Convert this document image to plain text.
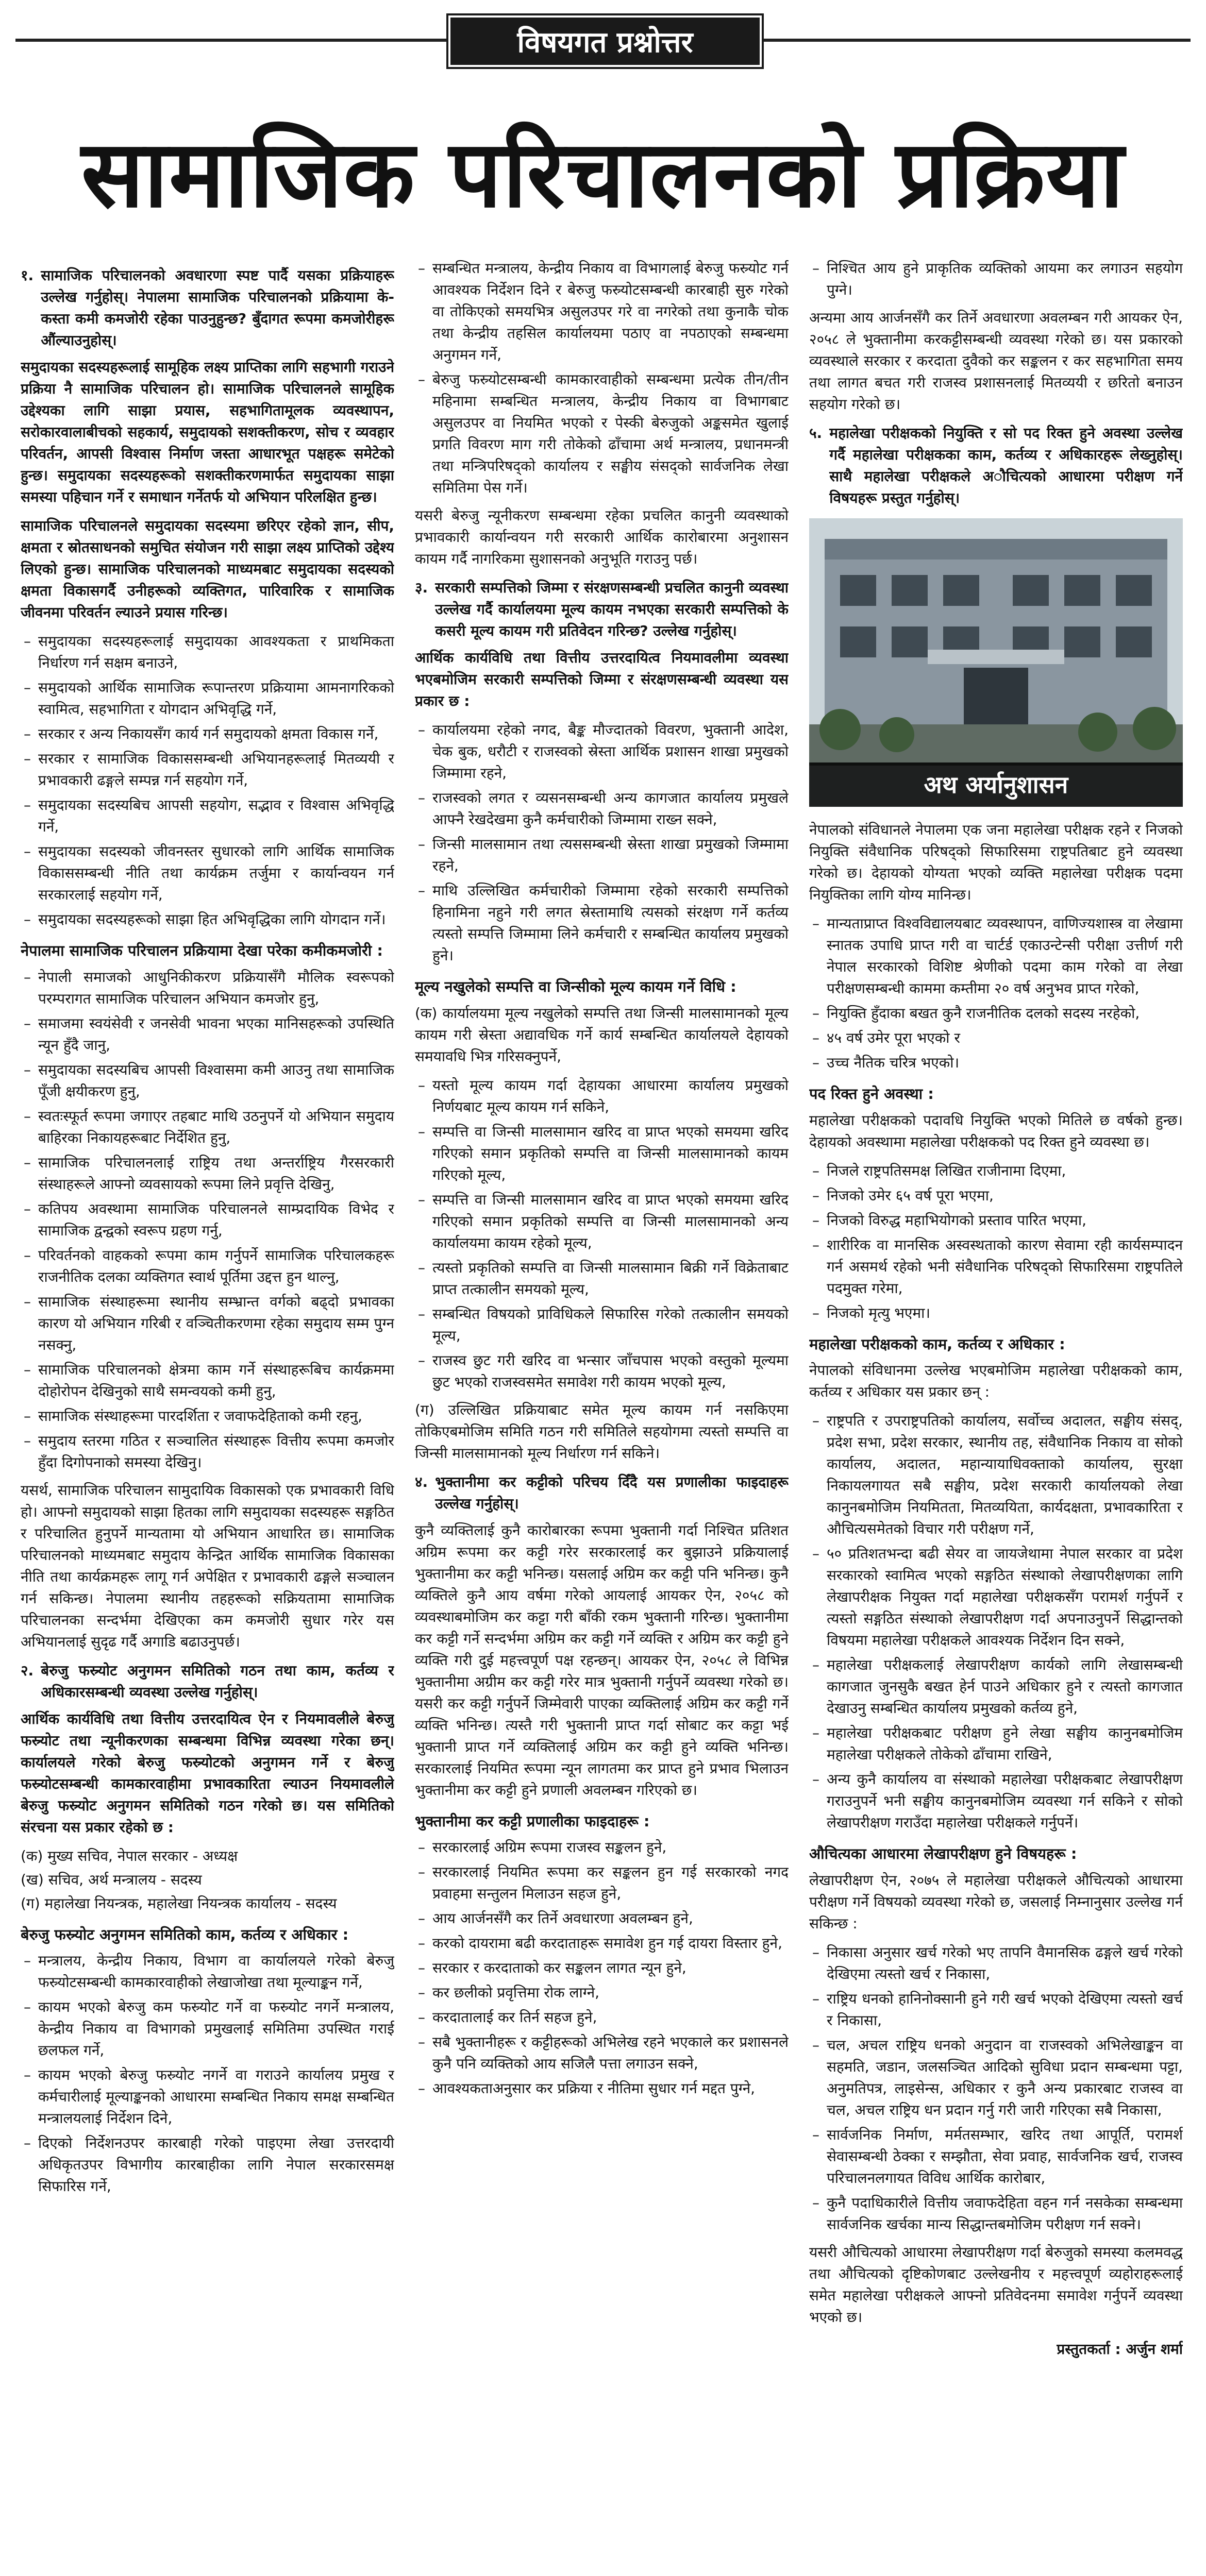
विषयगत प्रश्नोत्तर
सामाजिक परिचालनको प्रक्रिया
१. सामाजिक परिचालनको अवधारणा स्पष्ट पार्दै यसका प्रक्रियाहरू उल्लेख गर्नुहोस्। नेपालमा सामाजिक परिचालनको प्रक्रियामा के-कस्ता कमी कमजोरी रहेका पाउनुहुन्छ? बुँदागत रूपमा कमजोरीहरू औंल्याउनुहोस्।

समुदायका सदस्यहरूलाई सामूहिक लक्ष्य प्राप्तिका लागि सहभागी गराउने प्रक्रिया नै सामाजिक परिचालन हो। सामाजिक परिचालनले सामूहिक उद्देश्यका लागि साझा प्रयास, सहभागितामूलक व्यवस्थापन, सरोकारवालाबीचको सहकार्य, समुदायको सशक्तीकरण, सोच र व्यवहार परिवर्तन, आपसी विश्वास निर्माण जस्ता आधारभूत पक्षहरू समेटेको हुन्छ। समुदायका सदस्यहरूको सशक्तीकरणमार्फत समुदायका साझा समस्या पहिचान गर्ने र समाधान गर्नेतर्फ यो अभियान परिलक्षित हुन्छ।

सामाजिक परिचालनले समुदायका सदस्यमा छरिएर रहेको ज्ञान, सीप, क्षमता र स्रोतसाधनको समुचित संयोजन गरी साझा लक्ष्य प्राप्तिको उद्देश्य लिएको हुन्छ। सामाजिक परिचालनको माध्यमबाट समुदायका सदस्यको क्षमता विकासगर्दै उनीहरूको व्यक्तिगत, पारिवारिक र सामाजिक जीवनमा परिवर्तन ल्याउने प्रयास गरिन्छ।

– समुदायका सदस्यहरूलाई समुदायका आवश्यकता र प्राथमिकता निर्धारण गर्न सक्षम बनाउने,
– समुदायको आर्थिक सामाजिक रूपान्तरण प्रक्रियामा आमनागरिकको स्वामित्व, सहभागिता र योगदान अभिवृद्धि गर्ने,
– सरकार र अन्य निकायसँग कार्य गर्न समुदायको क्षमता विकास गर्ने,
– सरकार र सामाजिक विकाससम्बन्धी अभियानहरूलाई मितव्ययी र प्रभावकारी ढङ्गले सम्पन्न गर्न सहयोग गर्ने,
– समुदायका सदस्यबिच आपसी सहयोग, सद्भाव र विश्वास अभिवृद्धि गर्ने,
– समुदायका सदस्यको जीवनस्तर सुधारको लागि आर्थिक सामाजिक विकाससम्बन्धी नीति तथा कार्यक्रम तर्जुमा र कार्यान्वयन गर्न सरकारलाई सहयोग गर्ने,
– समुदायका सदस्यहरूको साझा हित अभिवृद्धिका लागि योगदान गर्ने।
नेपालमा सामाजिक परिचालन प्रक्रियामा देखा परेका कमीकमजोरी :
– नेपाली समाजको आधुनिकीकरण प्रक्रियासँगै मौलिक स्वरूपको परम्परागत सामाजिक परिचालन अभियान कमजोर हुनु,
– समाजमा स्वयंसेवी र जनसेवी भावना भएका मानिसहरूको उपस्थिति न्यून हुँदै जानु,
– समुदायका सदस्यबिच आपसी विश्वासमा कमी आउनु तथा सामाजिक पूँजी क्षयीकरण हुनु,
– स्वतःस्फूर्त रूपमा जगाएर तहबाट माथि उठनुपर्ने यो अभियान समुदाय बाहिरका निकायहरूबाट निर्देशित हुनु,
– सामाजिक परिचालनलाई राष्ट्रिय तथा अन्तर्राष्ट्रिय गैरसरकारी संस्थाहरूले आफ्नो व्यवसायको रूपमा लिने प्रवृत्ति देखिनु,
– कतिपय अवस्थामा सामाजिक परिचालनले साम्प्रदायिक विभेद र सामाजिक द्वन्द्वको स्वरूप ग्रहण गर्नु,
– परिवर्तनको वाहकको रूपमा काम गर्नुपर्ने सामाजिक परिचालकहरू राजनीतिक दलका व्यक्तिगत स्वार्थ पूर्तिमा उद्दत्त हुन थाल्नु,
– सामाजिक संस्थाहरूमा स्थानीय सम्भ्रान्त वर्गको बढ्दो प्रभावका कारण यो अभियान गरिबी र वञ्चितीकरणमा रहेका समुदाय सम्म पुग्न नसक्नु,
– सामाजिक परिचालनको क्षेत्रमा काम गर्ने संस्थाहरूबिच कार्यक्रममा दोहोरोपन देखिनुको साथै समन्वयको कमी हुनु,
– सामाजिक संस्थाहरूमा पारदर्शिता र जवाफदेहिताको कमी रहनु,
– समुदाय स्तरमा गठित र सञ्चालित संस्थाहरू वित्तीय रूपमा कमजोर हुँदा दिगोपनाको समस्या देखिनु।

यसर्थ, सामाजिक परिचालन सामुदायिक विकासको एक प्रभावकारी विधि हो। आफ्नो समुदायको साझा हितका लागि समुदायका सदस्यहरू सङ्गठित र परिचालित हुनुपर्ने मान्यतामा यो अभियान आधारित छ। सामाजिक परिचालनको माध्यमबाट समुदाय केन्द्रित आर्थिक सामाजिक विकासका नीति तथा कार्यक्रमहरू लागू गर्न अपेक्षित र प्रभावकारी ढङ्गले सञ्चालन गर्न सकिन्छ। नेपालमा स्थानीय तहहरूको सक्रियतामा सामाजिक परिचालनका सन्दर्भमा देखिएका कम कमजोरी सुधार गरेर यस अभियानलाई सुदृढ गर्दै अगाडि बढाउनुपर्छ।

२. बेरुजु फस्र्योट अनुगमन समितिको गठन तथा काम, कर्तव्य र अधिकारसम्बन्धी व्यवस्था उल्लेख गर्नुहोस्।

आर्थिक कार्यविधि तथा वित्तीय उत्तरदायित्व ऐन र नियमावलीले बेरुजु फस्र्योट तथा न्यूनीकरणका सम्बन्धमा विभिन्न व्यवस्था गरेका छन्। कार्यालयले गरेको बेरुजु फस्र्योटको अनुगमन गर्ने र बेरुजु फस्र्योटसम्बन्धी कामकारवाहीमा प्रभावकारिता ल्याउन नियमावलीले बेरुजु फस्र्योट अनुगमन समितिको गठन गरेको छ। यस समितिको संरचना यस प्रकार रहेको छ :

(क) मुख्य सचिव, नेपाल सरकार - अध्यक्ष

(ख) सचिव, अर्थ मन्त्रालय - सदस्य

(ग) महालेखा नियन्त्रक, महालेखा नियन्त्रक कार्यालय - सदस्य

बेरुजु फस्र्योट अनुगमन समितिको काम, कर्तव्य र अधिकार :
– मन्त्रालय, केन्द्रीय निकाय, विभाग वा कार्यालयले गरेको बेरुजु फस्र्योटसम्बन्धी कामकारवाहीको लेखाजोखा तथा मूल्याङ्कन गर्ने,
– कायम भएको बेरुजु कम फस्र्योट गर्ने वा फस्र्योट नगर्ने मन्त्रालय, केन्द्रीय निकाय वा विभागको प्रमुखलाई समितिमा उपस्थित गराई छलफल गर्ने,
– कायम भएको बेरुजु फस्र्योट नगर्ने वा गराउने कार्यालय प्रमुख र कर्मचारीलाई मूल्याङ्कनको आधारमा सम्बन्धित निकाय समक्ष सम्बन्धित मन्त्रालयलाई निर्देशन दिने,
– दिएको निर्देशनउपर कारबाही गरेको पाइएमा लेखा उत्तरदायी अधिकृतउपर विभागीय कारबाहीका लागि नेपाल सरकारसमक्ष सिफारिस गर्ने,
– सम्बन्धित मन्त्रालय, केन्द्रीय निकाय वा विभागलाई बेरुजु फस्र्योट गर्न आवश्यक निर्देशन दिने र बेरुजु फस्र्योटसम्बन्धी कारबाही सुरु गरेको वा तोकिएको समयभित्र असुलउपर गरे वा नगरेको तथा कुनाकै चोक तथा केन्द्रीय तहसिल कार्यालयमा पठाए वा नपठाएको सम्बन्धमा अनुगमन गर्ने,
– बेरुजु फस्र्योटसम्बन्धी कामकारवाहीको सम्बन्धमा प्रत्येक तीन/तीन महिनामा सम्बन्धित मन्त्रालय, केन्द्रीय निकाय वा विभागबाट असुलउपर वा नियमित भएको र पेस्की बेरुजुको अङ्कसमेत खुलाई प्रगति विवरण माग गरी तोकेको ढाँचामा अर्थ मन्त्रालय, प्रधानमन्त्री तथा मन्त्रिपरिषद्को कार्यालय र सङ्घीय संसद्को सार्वजनिक लेखा समितिमा पेस गर्ने।

यसरी बेरुजु न्यूनीकरण सम्बन्धमा रहेका प्रचलित कानुनी व्यवस्थाको प्रभावकारी कार्यान्वयन गरी सरकारी आर्थिक कारोबारमा अनुशासन कायम गर्दै नागरिकमा सुशासनको अनुभूति गराउनु पर्छ।

३. सरकारी सम्पत्तिको जिम्मा र संरक्षणसम्बन्धी प्रचलित कानुनी व्यवस्था उल्लेख गर्दै कार्यालयमा मूल्य कायम नभएका सरकारी सम्पत्तिको के कसरी मूल्य कायम गरी प्रतिवेदन गरिन्छ? उल्लेख गर्नुहोस्।

आर्थिक कार्यविधि तथा वित्तीय उत्तरदायित्व नियमावलीमा व्यवस्था भएबमोजिम सरकारी सम्पत्तिको जिम्मा र संरक्षणसम्बन्धी व्यवस्था यस प्रकार छ :

– कार्यालयमा रहेको नगद, बैङ्क मौज्दातको विवरण, भुक्तानी आदेश, चेक बुक, धरौटी र राजस्वको स्रेस्ता आर्थिक प्रशासन शाखा प्रमुखको जिम्मामा रहने,
– राजस्वको लगत र व्यसनसम्बन्धी अन्य कागजात कार्यालय प्रमुखले आफ्नै रेखदेखमा कुनै कर्मचारीको जिम्मामा राख्न सक्ने,
– जिन्सी मालसामान तथा त्यससम्बन्धी स्रेस्ता शाखा प्रमुखको जिम्मामा रहने,
– माथि उल्लिखित कर्मचारीको जिम्मामा रहेको सरकारी सम्पत्तिको हिनामिना नहुने गरी लगत स्रेस्तामाथि त्यसको संरक्षण गर्ने कर्तव्य त्यस्तो सम्पत्ति जिम्मामा लिने कर्मचारी र सम्बन्धित कार्यालय प्रमुखको हुने।
मूल्य नखुलेको सम्पत्ति वा जिन्सीको मूल्य कायम गर्ने विधि :

(क) कार्यालयमा मूल्य नखुलेको सम्पत्ति तथा जिन्सी मालसामानको मूल्य कायम गरी स्रेस्ता अद्यावधिक गर्ने कार्य सम्बन्धित कार्यालयले देहायको समयावधि भित्र गरिसक्नुपर्ने,

– यस्तो मूल्य कायम गर्दा देहायका आधारमा कार्यालय प्रमुखको निर्णयबाट मूल्य कायम गर्न सकिने,
– सम्पत्ति वा जिन्सी मालसामान खरिद वा प्राप्त भएको समयमा खरिद गरिएको समान प्रकृतिको सम्पत्ति वा जिन्सी मालसामानको कायम गरिएको मूल्य,
– सम्पत्ति वा जिन्सी मालसामान खरिद वा प्राप्त भएको समयमा खरिद गरिएको समान प्रकृतिको सम्पत्ति वा जिन्सी मालसामानको अन्य कार्यालयमा कायम रहेको मूल्य,
– त्यस्तो प्रकृतिको सम्पत्ति वा जिन्सी मालसामान बिक्री गर्ने विक्रेताबाट प्राप्त तत्कालीन समयको मूल्य,
– सम्बन्धित विषयको प्राविधिकले सिफारिस गरेको तत्कालीन समयको मूल्य,
– राजस्व छुट गरी खरिद वा भन्सार जाँचपास भएको वस्तुको मूल्यमा छुट भएको राजस्वसमेत समावेश गरी कायम भएको मूल्य,

(ग) उल्लिखित प्रक्रियाबाट समेत मूल्य कायम गर्न नसकिएमा तोकिएबमोजिम समिति गठन गरी समितिले सहयोगमा त्यस्तो सम्पत्ति वा जिन्सी मालसामानको मूल्य निर्धारण गर्न सकिने।

४. भुक्तानीमा कर कट्टीको परिचय दिँदै यस प्रणालीका फाइदाहरू उल्लेख गर्नुहोस्।

कुनै व्यक्तिलाई कुनै कारोबारका रूपमा भुक्तानी गर्दा निश्चित प्रतिशत अग्रिम रूपमा कर कट्टी गरेर सरकारलाई कर बुझाउने प्रक्रियालाई भुक्तानीमा कर कट्टी भनिन्छ। यसलाई अग्रिम कर कट्टी पनि भनिन्छ। कुनै व्यक्तिले कुनै आय वर्षमा गरेको आयलाई आयकर ऐन, २०५८ को व्यवस्थाबमोजिम कर कट्टा गरी बाँकी रकम भुक्तानी गरिन्छ। भुक्तानीमा कर कट्टी गर्ने सन्दर्भमा अग्रिम कर कट्टी गर्ने व्यक्ति र अग्रिम कर कट्टी हुने व्यक्ति गरी दुई महत्त्वपूर्ण पक्ष रहन्छन्। आयकर ऐन, २०५८ ले विभिन्न भुक्तानीमा अग्रीम कर कट्टी गरेर मात्र भुक्तानी गर्नुपर्ने व्यवस्था गरेको छ। यसरी कर कट्टी गर्नुपर्ने जिम्मेवारी पाएका व्यक्तिलाई अग्रिम कर कट्टी गर्ने व्यक्ति भनिन्छ। त्यस्तै गरी भुक्तानी प्राप्त गर्दा सोबाट कर कट्टा भई भुक्तानी प्राप्त गर्ने व्यक्तिलाई अग्रिम कर कट्टी हुने व्यक्ति भनिन्छ। सरकारलाई नियमित रूपमा न्यून लागतमा कर प्राप्त हुने प्रभाव भिलाउन भुक्तानीमा कर कट्टी हुने प्रणाली अवलम्बन गरिएको छ।

भुक्तानीमा कर कट्टी प्रणालीका फाइदाहरू :
– सरकारलाई अग्रिम रूपमा राजस्व सङ्कलन हुने,
– सरकारलाई नियमित रूपमा कर सङ्कलन हुन गई सरकारको नगद प्रवाहमा सन्तुलन मिलाउन सहज हुने,
– आय आर्जनसँगै कर तिर्ने अवधारणा अवलम्बन हुने,
– करको दायरामा बढी करदाताहरू समावेश हुन गई दायरा विस्तार हुने,
– सरकार र करदाताको कर सङ्कलन लागत न्यून हुने,
– कर छलीको प्रवृत्तिमा रोक लाग्ने,
– करदातालाई कर तिर्न सहज हुने,
– सबै भुक्तानीहरू र कट्टीहरूको अभिलेख रहने भएकाले कर प्रशासनले कुनै पनि व्यक्तिको आय सजिलै पत्ता लगाउन सक्ने,
– आवश्यकताअनुसार कर प्रक्रिया र नीतिमा सुधार गर्न मद्दत पुग्ने,
– निश्चित आय हुने प्राकृतिक व्यक्तिको आयमा कर लगाउन सहयोग पुग्ने।

अन्यमा आय आर्जनसँगै कर तिर्ने अवधारणा अवलम्बन गरी आयकर ऐन, २०५८ ले भुक्तानीमा करकट्टीसम्बन्धी व्यवस्था गरेको छ। यस प्रकारको व्यवस्थाले सरकार र करदाता दुवैको कर सङ्कलन र कर सहभागिता समय तथा लागत बचत गरी राजस्व प्रशासनलाई मितव्ययी र छरितो बनाउन सहयोग गरेको छ।

५. महालेखा परीक्षकको नियुक्ति र सो पद रिक्त हुने अवस्था उल्लेख गर्दै महालेखा परीक्षकका काम, कर्तव्य र अधिकारहरू लेख्नुहोस्। साथै महालेखा परीक्षकले अौचित्यको आधारमा परीक्षण गर्ने विषयहरू प्रस्तुत गर्नुहोस्।
अथ अर्यानुशासन

नेपालको संविधानले नेपालमा एक जना महालेखा परीक्षक रहने र निजको नियुक्ति संवैधानिक परिषद्को सिफारिसमा राष्ट्रपतिबाट हुने व्यवस्था गरेको छ। देहायको योग्यता भएको व्यक्ति महालेखा परीक्षक पदमा नियुक्तिका लागि योग्य मानिन्छ।

– मान्यताप्राप्त विश्वविद्यालयबाट व्यवस्थापन, वाणिज्यशास्त्र वा लेखामा स्नातक उपाधि प्राप्त गरी वा चार्टर्ड एकाउन्टेन्सी परीक्षा उत्तीर्ण गरी नेपाल सरकारको विशिष्ट श्रेणीको पदमा काम गरेको वा लेखा परीक्षणसम्बन्धी काममा कम्तीमा २० वर्ष अनुभव प्राप्त गरेको,
– नियुक्ति हुँदाका बखत कुनै राजनीतिक दलको सदस्य नरहेको,
– ४५ वर्ष उमेर पूरा भएको र
– उच्च नैतिक चरित्र भएको।
पद रिक्त हुने अवस्था :

महालेखा परीक्षकको पदावधि नियुक्ति भएको मितिले छ वर्षको हुन्छ। देहायको अवस्थामा महालेखा परीक्षकको पद रिक्त हुने व्यवस्था छ।

– निजले राष्ट्रपतिसमक्ष लिखित राजीनामा दिएमा,
– निजको उमेर ६५ वर्ष पूरा भएमा,
– निजको विरुद्ध महाभियोगको प्रस्ताव पारित भएमा,
– शारीरिक वा मानसिक अस्वस्थताको कारण सेवामा रही कार्यसम्पादन गर्न असमर्थ रहेको भनी संवैधानिक परिषद्को सिफारिसमा राष्ट्रपतिले पदमुक्त गरेमा,
– निजको मृत्यु भएमा।
महालेखा परीक्षकको काम, कर्तव्य र अधिकार :

नेपालको संविधानमा उल्लेख भएबमोजिम महालेखा परीक्षकको काम, कर्तव्य र अधिकार यस प्रकार छन् :

– राष्ट्रपति र उपराष्ट्रपतिको कार्यालय, सर्वोच्च अदालत, सङ्घीय संसद्, प्रदेश सभा, प्रदेश सरकार, स्थानीय तह, संवैधानिक निकाय वा सोको कार्यालय, अदालत, महान्यायाधिवक्ताको कार्यालय, सुरक्षा निकायलगायत सबै सङ्घीय, प्रदेश सरकारी कार्यालयको लेखा कानुनबमोजिम नियमितता, मितव्ययिता, कार्यदक्षता, प्रभावकारिता र औचित्यसमेतको विचार गरी परीक्षण गर्ने,
– ५० प्रतिशतभन्दा बढी सेयर वा जायजेथामा नेपाल सरकार वा प्रदेश सरकारको स्वामित्व भएको सङ्गठित संस्थाको लेखापरीक्षणका लागि लेखापरीक्षक नियुक्त गर्दा महालेखा परीक्षकसँग परामर्श गर्नुपर्ने र त्यस्तो सङ्गठित संस्थाको लेखापरीक्षण गर्दा अपनाउनुपर्ने सिद्धान्तको विषयमा महालेखा परीक्षकले आवश्यक निर्देशन दिन सक्ने,
– महालेखा परीक्षकलाई लेखापरीक्षण कार्यको लागि लेखासम्बन्धी कागजात जुनसुकै बखत हेर्न पाउने अधिकार हुने र त्यस्तो कागजात देखाउनु सम्बन्धित कार्यालय प्रमुखको कर्तव्य हुने,
– महालेखा परीक्षकबाट परीक्षण हुने लेखा सङ्घीय कानुनबमोजिम महालेखा परीक्षकले तोकेको ढाँचामा राखिने,
– अन्य कुनै कार्यालय वा संस्थाको महालेखा परीक्षकबाट लेखापरीक्षण गराउनुपर्ने भनी सङ्घीय कानुनबमोजिम व्यवस्था गर्न सकिने र सोको लेखापरीक्षण गराउँदा महालेखा परीक्षकले गर्नुपर्ने।
औचित्यका आधारमा लेखापरीक्षण हुने विषयहरू :

लेखापरीक्षण ऐन, २०७५ ले महालेखा परीक्षकले औचित्यको आधारमा परीक्षण गर्ने विषयको व्यवस्था गरेको छ, जसलाई निम्नानुसार उल्लेख गर्न सकिन्छ :

– निकासा अनुसार खर्च गरेको भए तापनि वैमानसिक ढङ्गले खर्च गरेको देखिएमा त्यस्तो खर्च र निकासा,
– राष्ट्रिय धनको हानिनोक्सानी हुने गरी खर्च भएको देखिएमा त्यस्तो खर्च र निकासा,
– चल, अचल राष्ट्रिय धनको अनुदान वा राजस्वको अभिलेखाङ्कन वा सहमति, जडान, जलसञ्चित आदिको सुविधा प्रदान सम्बन्धमा पट्टा, अनुमतिपत्र, लाइसेन्स, अधिकार र कुनै अन्य प्रकारबाट राजस्व वा चल, अचल राष्ट्रिय धन प्रदान गर्नु गरी जारी गरिएका सबै निकासा,
– सार्वजनिक निर्माण, मर्मतसम्भार, खरिद तथा आपूर्ति, परामर्श सेवासम्बन्धी ठेक्का र सम्झौता, सेवा प्रवाह, सार्वजनिक खर्च, राजस्व परिचालनलगायत विविध आर्थिक कारोबार,
– कुनै पदाधिकारीले वित्तीय जवाफदेहिता वहन गर्न नसकेका सम्बन्धमा सार्वजनिक खर्चका मान्य सिद्धान्तबमोजिम परीक्षण गर्न सक्ने।

यसरी औचित्यको आधारमा लेखापरीक्षण गर्दा बेरुजुको समस्या कलमवद्ध तथा औचित्यको दृष्टिकोणबाट उल्लेखनीय र महत्त्वपूर्ण व्यहोराहरूलाई समेत महालेखा परीक्षकले आफ्नो प्रतिवेदनमा समावेश गर्नुपर्ने व्यवस्था भएको छ।

प्रस्तुतकर्ता : अर्जुन शर्मा
